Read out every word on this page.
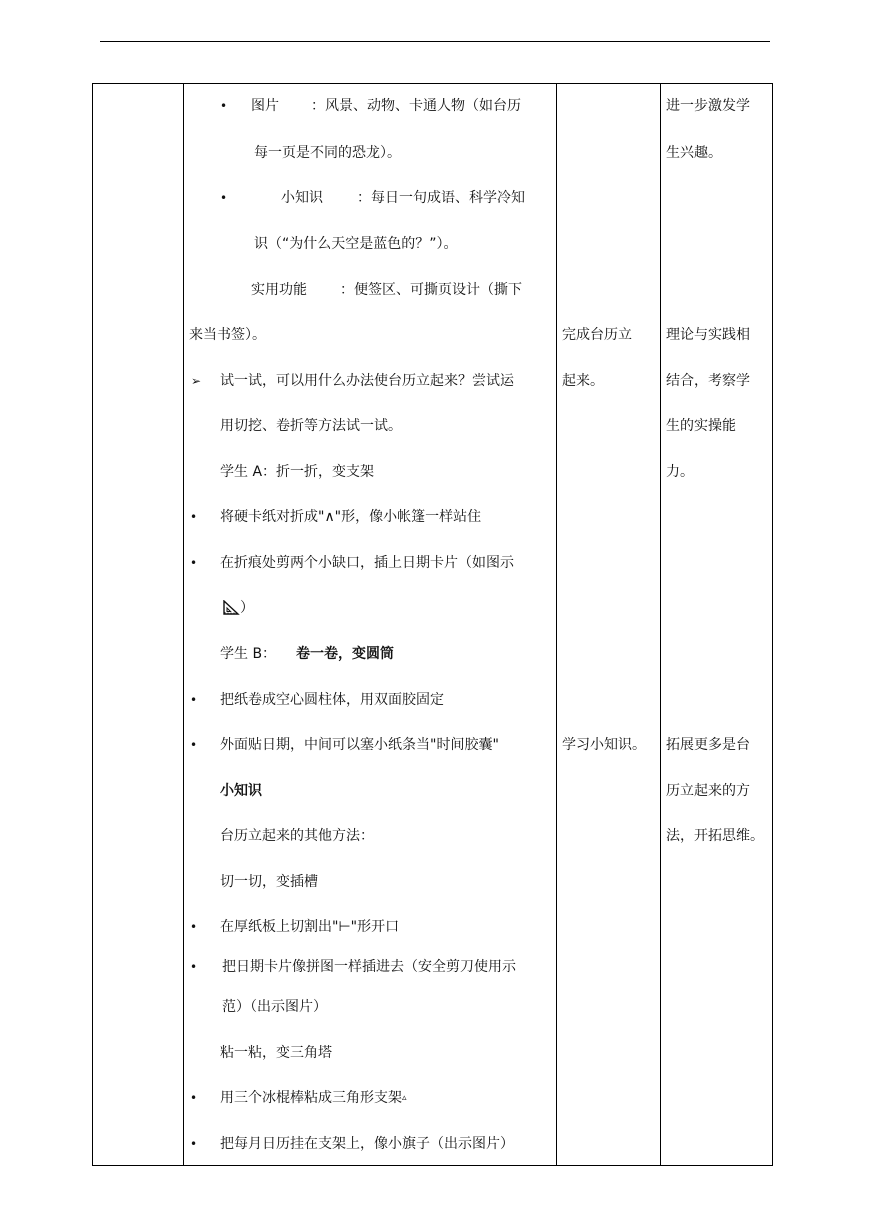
• 图片 ：风景、动物、卡通人物（如台历
每一页是不同的恐龙）。
•	小知识 ：每日一句成语、科学冷知
识（“为什么天空是蓝色的？”）。
实用功能 ：便签区、可撕页设计（撕下
来当书签）。
➢ 试一试，可以用什么办法使台历立起来？尝试运
用切挖、卷折等方法试一试。
学生 A：折一折，变支架
• 将硬卡纸对折成"∧"形，像小帐篷一样站住
• 在折痕处剪两个小缺口，插上日期卡片（如图示
）
学生 B： 卷一卷，变圆筒
• 把纸卷成空心圆柱体，用双面胶固定
• 外面贴日期，中间可以塞小纸条当"时间胶囊"
小知识
台历立起来的其他方法：
切一切，变插槽
• 在厚纸板上切割出"⊢"形开口
• 把日期卡片像拼图一样插进去（安全剪刀使用示
范）（出示图片）
粘一粘，变三角塔
• 用三个冰棍棒粘成三角形支架▵
• 把每月日历挂在支架上，像小旗子（出示图片）
完成台历立
起来。
学习小知识。
进一步激发学
生兴趣。
理论与实践相
结合，考察学
生的实操能
力。
拓展更多是台
历立起来的方
法，开拓思维。
